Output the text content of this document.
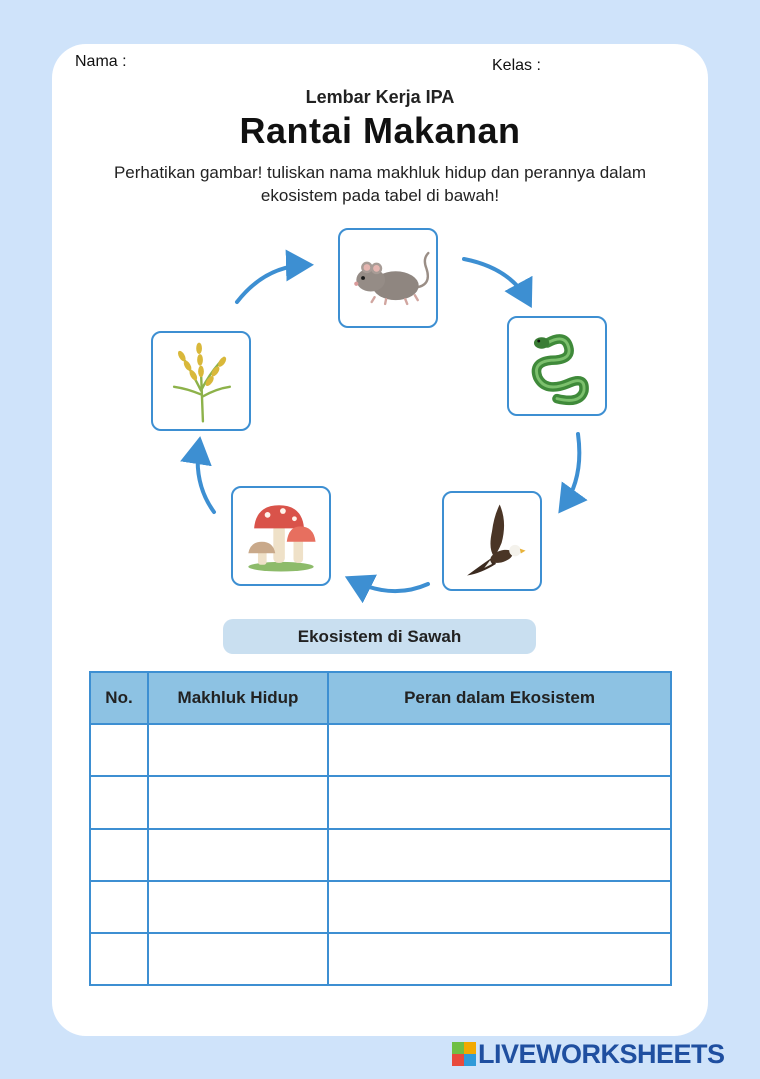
Nama :	Kelas :
Lembar Kerja IPA
Rantai Makanan
Perhatikan gambar! tuliskan nama makhluk hidup dan perannya dalam ekosistem pada tabel di bawah!
Ekosistem di Sawah
No.	Makhluk Hidup	Peran dalam Ekosistem

LIVEWORKSHEETS
